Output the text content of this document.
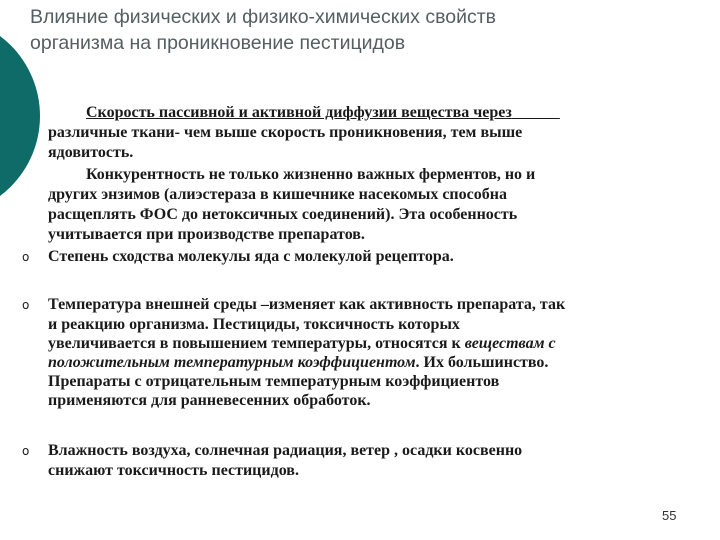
Влияние физических и физико-химических свойств
организма на проникновение пестицидов
Скорость пассивной и активной диффузии вещества через
различные ткани- чем выше скорость проникновения, тем выше
ядовитость.
Конкурентность не только жизненно важных ферментов, но и
других энзимов (алиэстераза в кишечнике насекомых способна
расщеплять ФОС до нетоксичных соединений). Эта особенность
учитывается при производстве препаратов.
o Степень сходства молекулы яда с молекулой рецептора.
o Температура внешней среды –изменяет как активность препарата, так
и реакцию организма. Пестициды, токсичность которых
увеличивается в повышением температуры, относятся к веществам с
положительным температурным коэффициентом. Их большинство.
Препараты с отрицательным температурным коэффициентов
применяются для ранневесенних обработок.
o Влажность воздуха, солнечная радиация, ветер , осадки косвенно
снижают токсичность пестицидов.
55
